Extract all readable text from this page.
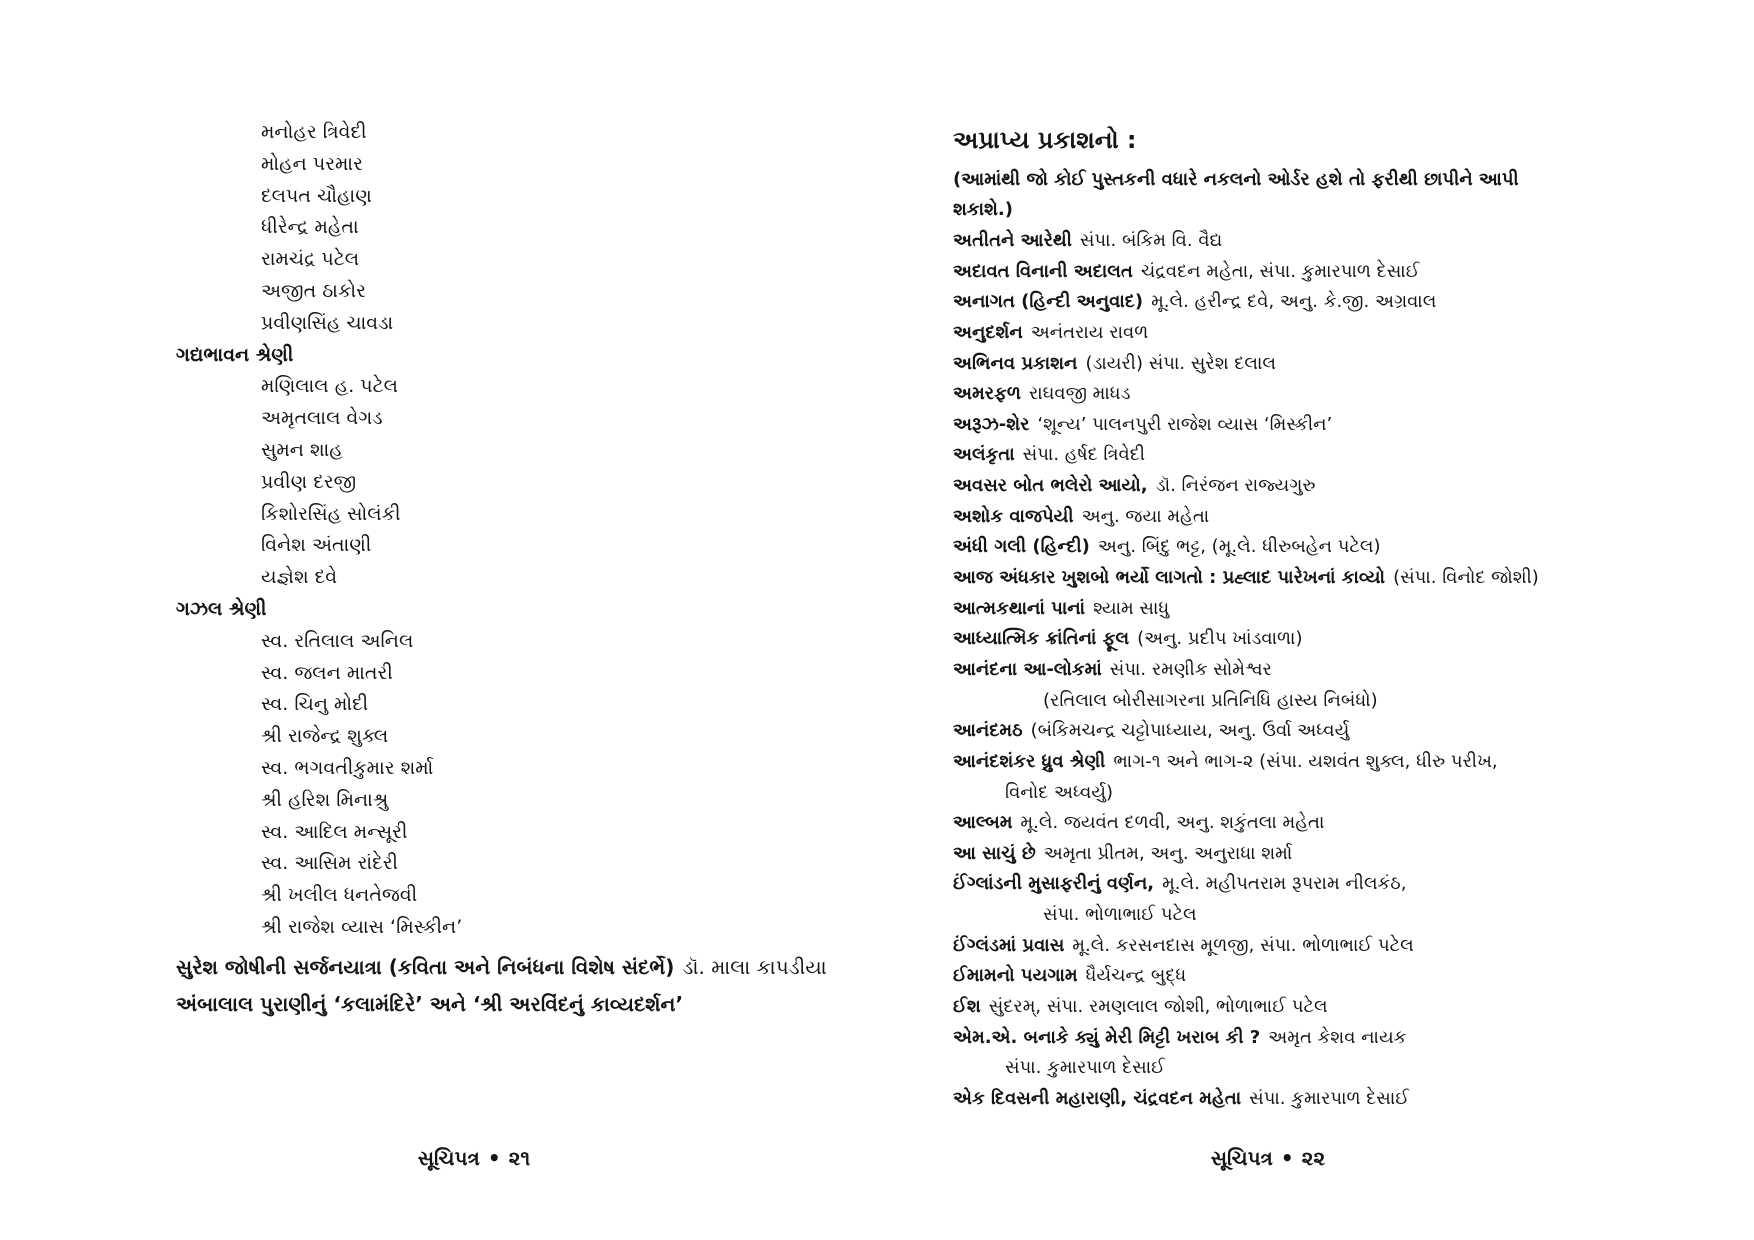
મનોહર ત્રિવેદી
મોહન પરમાર
દલપત ચૌહાણ
ધીરેન્દ્ર મહેતા
રામચંદ્ર પટેલ
અજીત ઠાકોર
પ્રવીણસિંહ ચાવડા
ગદ્યભાવન શ્રેણી
મણિલાલ હ. પટેલ
અમૃતલાલ વેગડ
સુમન શાહ
પ્રવીણ દરજી
કિશોરસિંહ સોલંકી
વિનેશ અંતાણી
યજ્ઞેશ દવે
ગઝલ શ્રેણી
સ્વ. રતિલાલ અનિલ
સ્વ. જલન માતરી
સ્વ. ચિનુ મોદી
શ્રી રાજેન્દ્ર શુક્લ
સ્વ. ભગવતીકુમાર શર્મા
શ્રી હરિશ મિનાશ્રુ
સ્વ. આદિલ મન્સૂરી
સ્વ. આસિમ રાંદેરી
શ્રી ખલીલ ધનતેજવી
શ્રી રાજેશ વ્યાસ ‘મિસ્કીન’
સુરેશ જોષીની સર્જનયાત્રા (કવિતા અને નિબંધના વિશેષ સંદર્ભે) ડૉ. માલા કાપડીયા
અંબાલાલ પુરાણીનું ‘કલામંદિરે’ અને ‘શ્રી અરવિંદનું કાવ્યદર્શન’
સૂચિપત્ર • ૨૧
અપ્રાપ્ય પ્રકાશનો :
(આમાંથી જો કોઈ પુસ્તકની વધારે નકલનો ઓર્ડર હશે તો ફરીથી છાપીને આપી
શકાશે.)
અતીતને આરેથી સંપા. બંકિમ વિ. વૈદ્ય
અદાવત વિનાની અદાલત ચંદ્રવદન મહેતા, સંપા. કુમારપાળ દેસાઈ
અનાગત (હિન્દી અનુવાદ) મૂ.લે. હરીન્દ્ર દવે, અનુ. કે.જી. અગ્રવાલ
અનુદર્શન અનંતરાય રાવળ
અભિનવ પ્રકાશન (ડાયરી) સંપા. સુરેશ દલાલ
અમરફળ રાઘવજી માધડ
અરૂઝ-શેર ‘શૂન્ય’ પાલનપુરી રાજેશ વ્યાસ ‘મિસ્કીન’
અલંકૃતા સંપા. હર્ષદ ત્રિવેદી
અવસર બોત ભલેરો આયો, ડૉ. નિરંજન રાજ્યગુરુ
અશોક વાજપેયી અનુ. જયા મહેતા
અંધી ગલી (હિન્દી) અનુ. બિંદુ ભટ્ટ, (મૂ.લે. ધીરુબહેન પટેલ)
આજ અંધકાર ખુશબો ભર્યો લાગતો : પ્રહ્લાદ પારેખનાં કાવ્યો (સંપા. વિનોદ જોશી)
આત્મકથાનાં પાનાં શ્યામ સાધુ
આધ્યાત્મિક ક્રાંતિનાં ફૂલ (અનુ. પ્રદીપ ખાંડવાળા)
આનંદના આ-લોકમાં સંપા. રમણીક સોમેશ્વર
(રતિલાલ બોરીસાગરના પ્રતિનિધિ હાસ્ય નિબંધો)
આનંદમઠ (બંકિમચન્દ્ર ચટ્ટોપાધ્યાય, અનુ. ઉર્વા અધ્વર્યુ
આનંદશંકર ધ્રુવ શ્રેણી ભાગ-૧ અને ભાગ-૨ (સંપા. યશવંત શુક્લ, ધીરુ પરીખ,
વિનોદ અધ્વર્યુ)
આલ્બમ મૂ.લે. જયવંત દળવી, અનુ. શકુંતલા મહેતા
આ સાચું છે અમૃતા પ્રીતમ, અનુ. અનુરાધા શર્મા
ઈંગ્લાંડની મુસાફરીનું વર્ણન, મૂ.લે. મહીપતરામ રૂપરામ નીલકંઠ,
સંપા. ભોળાભાઈ પટેલ
ઈંગ્લંડમાં પ્રવાસ મૂ.લે. કરસનદાસ મૂળજી, સંપા. ભોળાભાઈ પટેલ
ઈમામનો પયગામ ધૈર્યચન્દ્ર બુદ્ધ
ઈશ સુંદરમ્, સંપા. રમણલાલ જોશી, ભોળાભાઈ પટેલ
એમ.એ. બનાકે ક્યું મેરી મિટ્ટી ખરાબ કી ? અમૃત કેશવ નાયક
સંપા. કુમારપાળ દેસાઈ
એક દિવસની મહારાણી, ચંદ્રવદન મહેતા સંપા. કુમારપાળ દેસાઈ
સૂચિપત્ર • ૨૨
